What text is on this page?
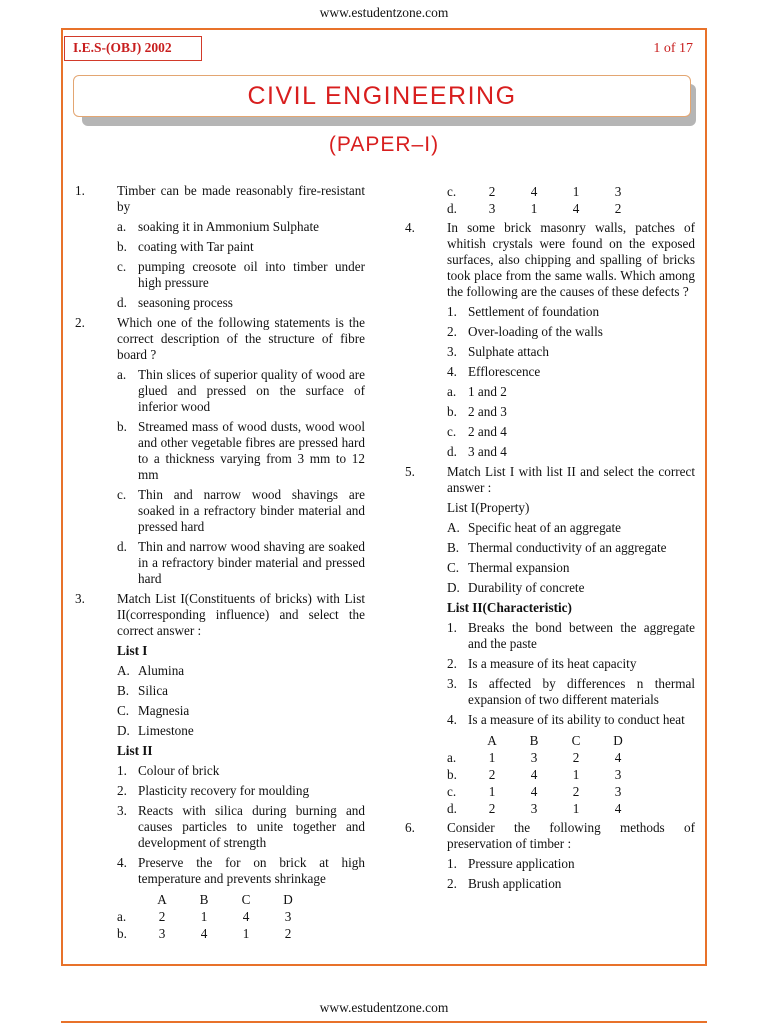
www.estudentzone.com
I.E.S-(OBJ) 2002	1 of 17
CIVIL ENGINEERING
(PAPER–I)
1. Timber can be made reasonably fire-resistant by
a. soaking it in Ammonium Sulphate
b. coating with Tar paint
c. pumping creosote oil into timber under high pressure
d. seasoning process
2. Which one of the following statements is the correct description of the structure of fibre board ?
a. Thin slices of superior quality of wood are glued and pressed on the surface of inferior wood
b. Streamed mass of wood dusts, wood wool and other vegetable fibres are pressed hard to a thickness varying from 3 mm to 12 mm
c. Thin and narrow wood shavings are soaked in a refractory binder material and pressed hard
d. Thin and narrow wood shaving are soaked in a refractory binder material and pressed hard
3. Match List I(Constituents of bricks) with List II(corresponding influence) and select the correct answer :
List I
A. Alumina
B. Silica
C. Magnesia
D. Limestone
List II
1. Colour of brick
2. Plasticity recovery for moulding
3. Reacts with silica during burning and causes particles to unite together and development of strength
4. Preserve the for on brick at high temperature and prevents shrinkage
	A	B	C	D
a.	2	1	4	3
b.	3	4	1	2
c.	2	4	1	3
d.	3	1	4	2
4. In some brick masonry walls, patches of whitish crystals were found on the exposed surfaces, also chipping and spalling of bricks took place from the same walls. Which among the following are the causes of these defects ?
1. Settlement of foundation
2. Over-loading of the walls
3. Sulphate attach
4. Efflorescence
a. 1 and 2
b. 2 and 3
c. 2 and 4
d. 3 and 4
5. Match List I with list II and select the correct answer :
List I(Property)
A. Specific heat of an aggregate
B. Thermal conductivity of an aggregate
C. Thermal expansion
D. Durability of concrete
List II(Characteristic)
1. Breaks the bond between the aggregate and the paste
2. Is a measure of its heat capacity
3. Is affected by differences n thermal expansion of two different materials
4. Is a measure of its ability to conduct heat
	A	B	C	D
a.	1	3	2	4
b.	2	4	1	3
c.	1	4	2	3
d.	2	3	1	4
6. Consider the following methods of preservation of timber :
1. Pressure application
2. Brush application
www.estudentzone.com
